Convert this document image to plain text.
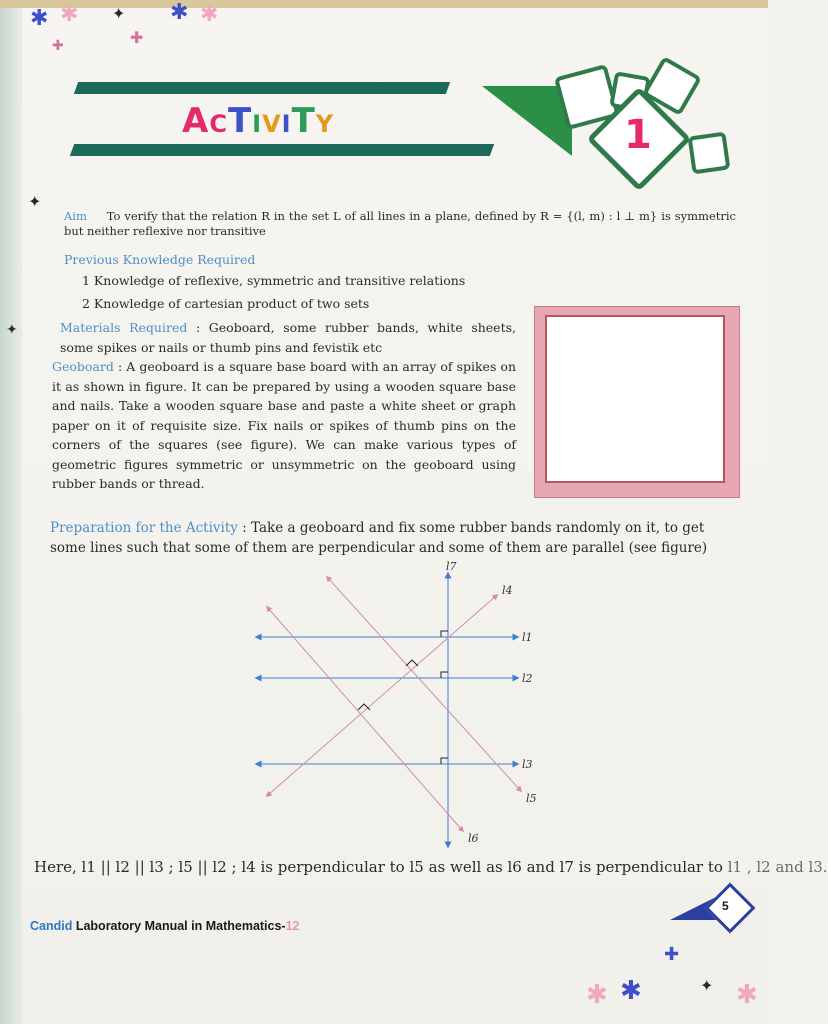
✱ ✱ ✦ ✱ ✱
✚
✚
✦
✦
✚
✦
✱ ✱	✱
AcTiviTy	1
Aim To verify that the relation R in the set L of all lines in a plane, defined by R = {(l, m) : l ⊥ m} is symmetric but neither reflexive nor transitive
Previous Knowledge Required
1 Knowledge of reflexive, symmetric and transitive relations
2 Knowledge of cartesian product of two sets
Materials Required : Geoboard, some rubber bands, white sheets, some spikes or nails or thumb pins and fevistik etc
Geoboard : A geoboard is a square base board with an array of spikes on it as shown in figure. It can be prepared by using a wooden square base and nails. Take a wooden square base and paste a white sheet or graph paper on it of requisite size. Fix nails or spikes of thumb pins on the corners of the squares (see figure). We can make various types of geometric figures symmetric or unsymmetric on the geoboard using rubber bands or thread.
Preparation for the Activity : Take a geoboard and fix some rubber bands randomly on it, to get some lines such that some of them are perpendicular and some of them are parallel (see figure)
l1
l2
l3
l4
l5
l6
l7
Here, l1 || l2 || l3 ; l5 || l2 ; l4 is perpendicular to l5 as well as l6 and l7 is perpendicular to l1 , l2 and l3.
Candid Laboratory Manual in Mathematics-12
5
